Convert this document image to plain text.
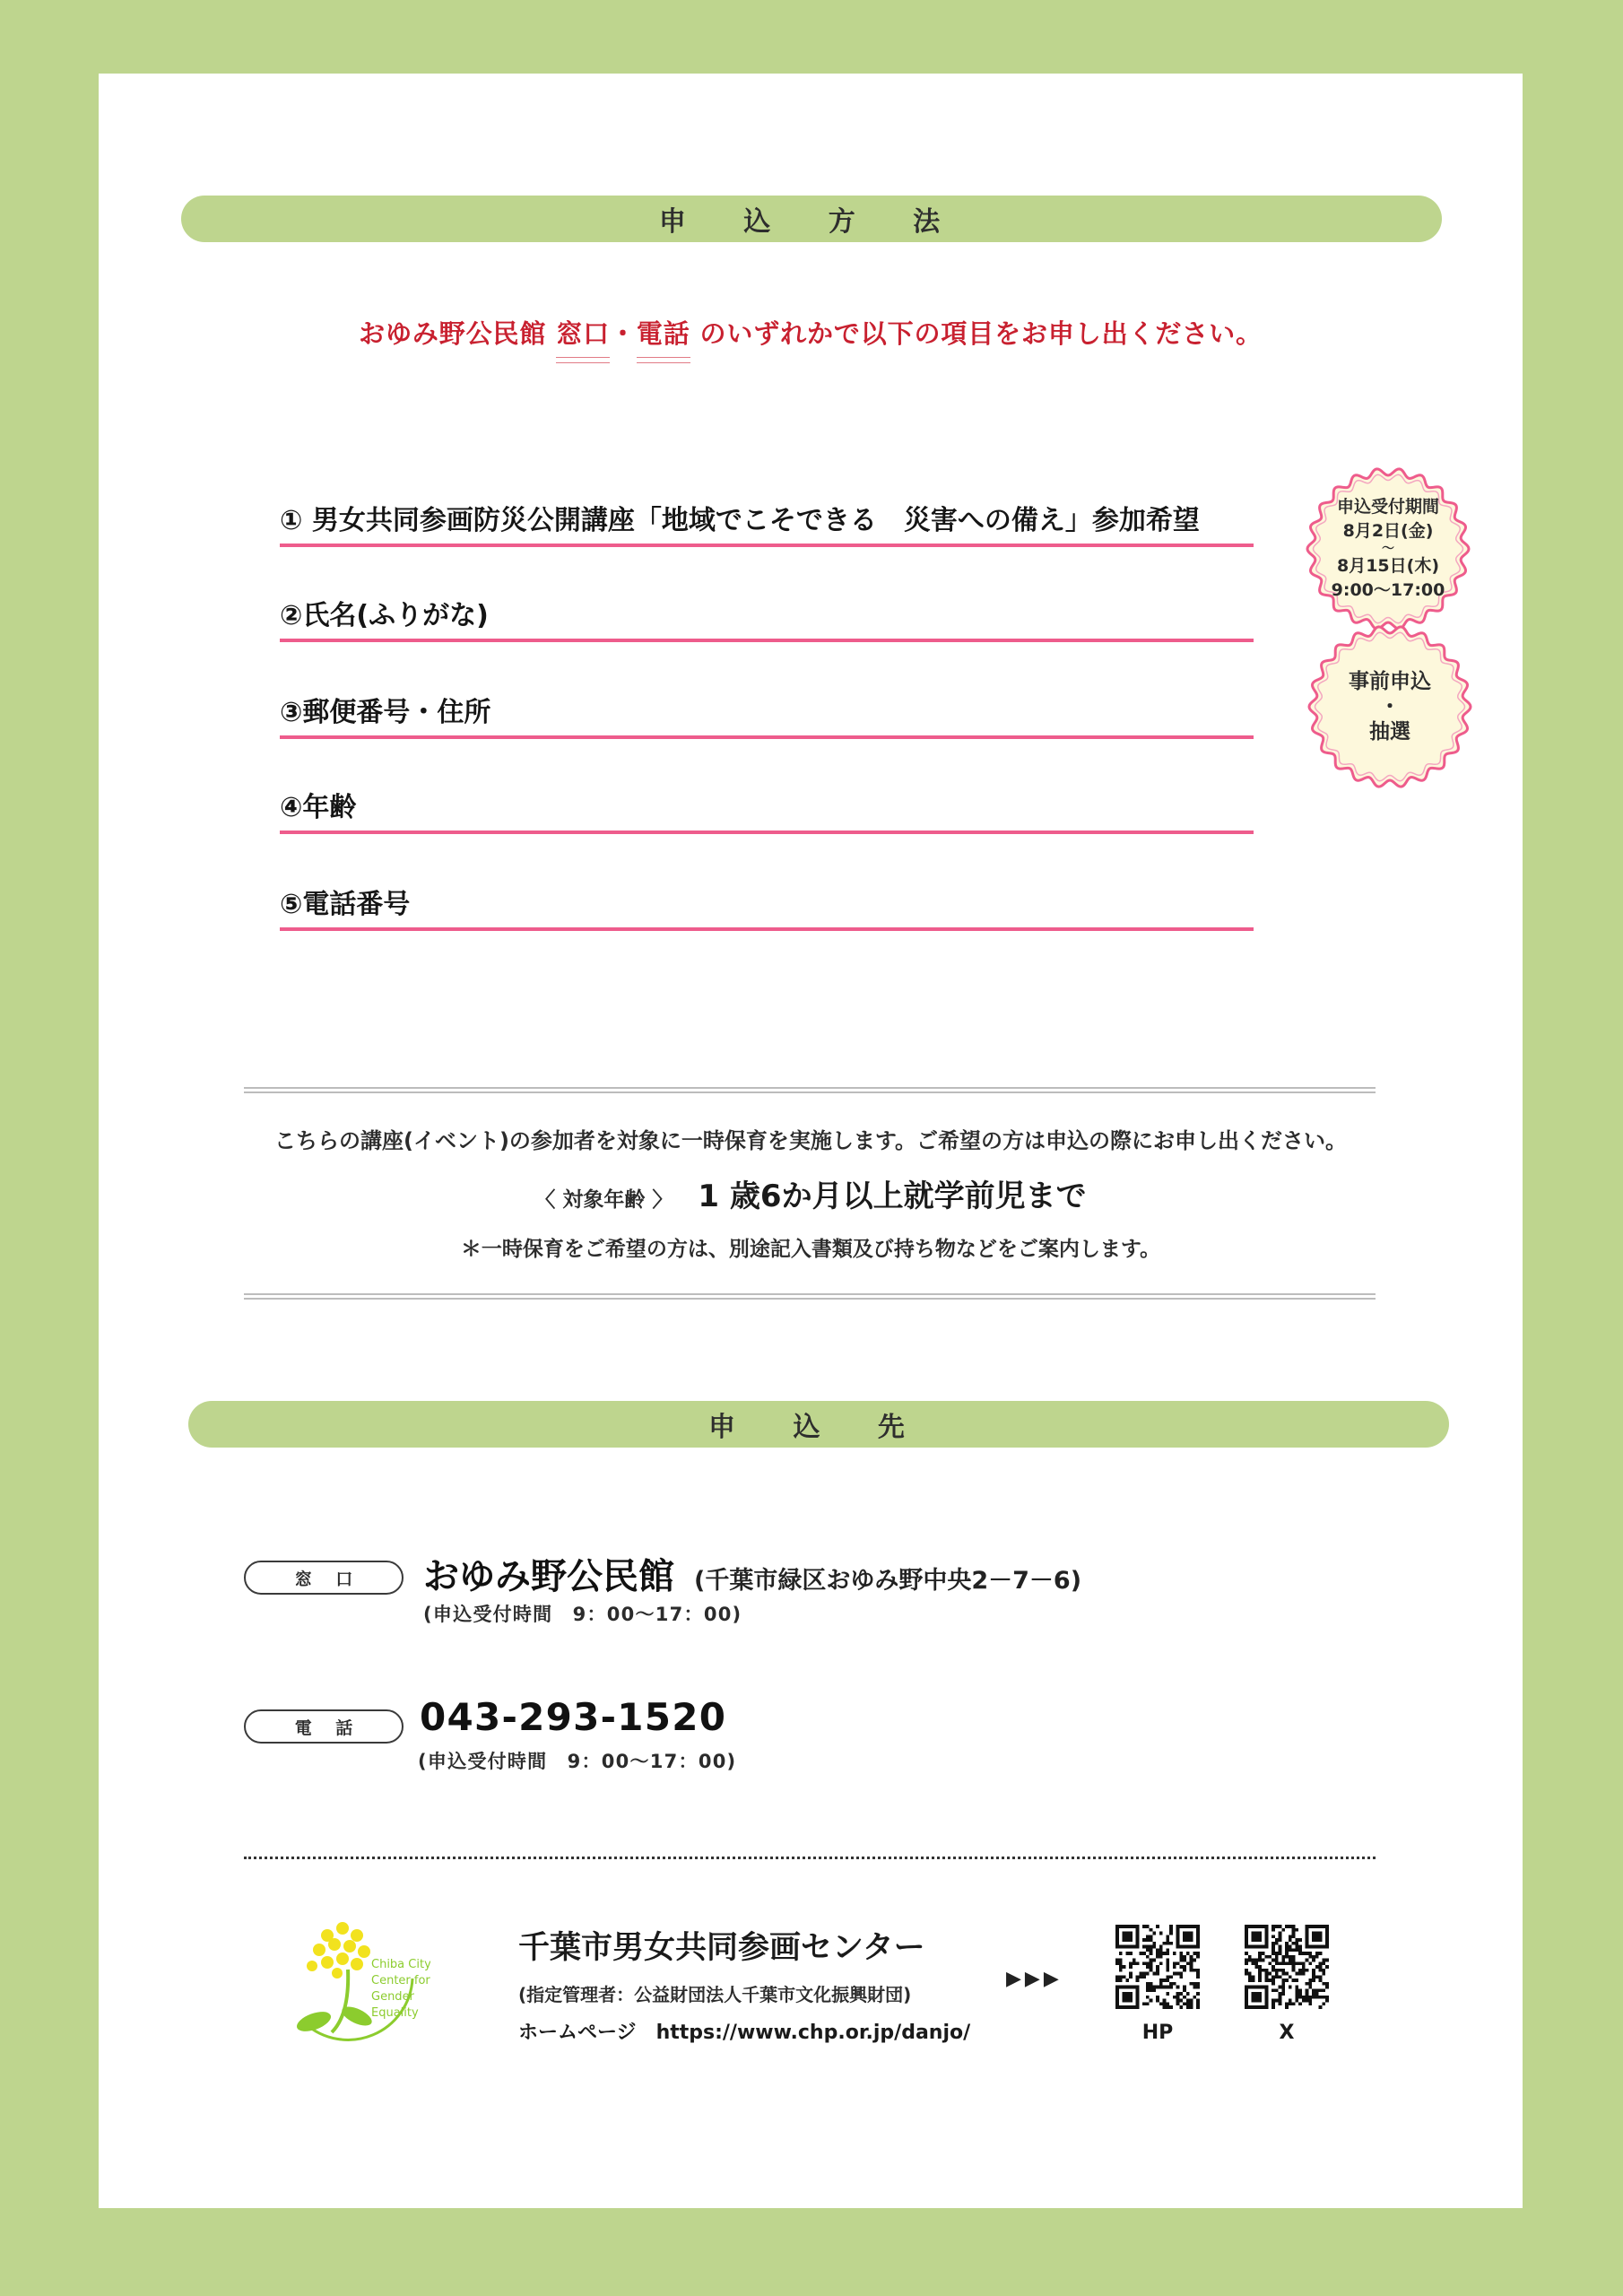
申 込 方 法
おゆみ野公民館 窓口・電話 のいずれかで以下の項目をお申し出ください。
① 男女共同参画防災公開講座「地域でこそできる　災害への備え」参加希望
②氏名(ふりがな)
③郵便番号・住所
④年齢
⑤電話番号
申込受付期間
8月2日(金)
～
8月15日(木)
9:00～17:00
事前申込
・
抽選
こちらの講座(イベント)の参加者を対象に一時保育を実施します。ご希望の方は申込の際にお申し出ください。
〈 対象年齢 〉 1 歳6か月以上就学前児まで
＊一時保育をご希望の方は、別途記入書類及び持ち物などをご案内します。
申 込 先
窓口	おゆみ野公民館 (千葉市緑区おゆみ野中央2－7－6)
(申込受付時間　9：00～17：00)
電話	043-293-1520
(申込受付時間　9：00～17：00)
Chiba City
Center for
Gender
Equality
千葉市男女共同参画センター
(指定管理者：公益財団法人千葉市文化振興財団)
ホームページ https://www.chp.or.jp/danjo/
▶▶▶
HP	X
